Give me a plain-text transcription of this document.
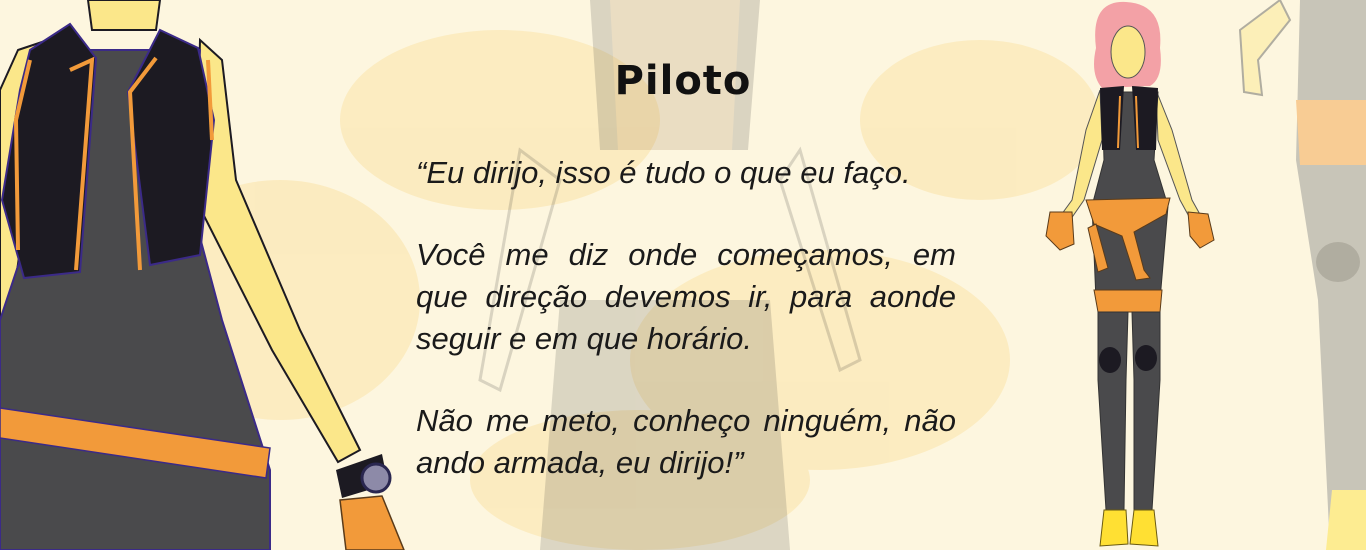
Piloto

“Eu dirijo, isso é tudo o que eu faço.

Você me diz onde começamos, em que direção devemos ir, para aonde seguir e em que horário.

Não me meto, conheço ninguém, não ando armada, eu dirijo!”
